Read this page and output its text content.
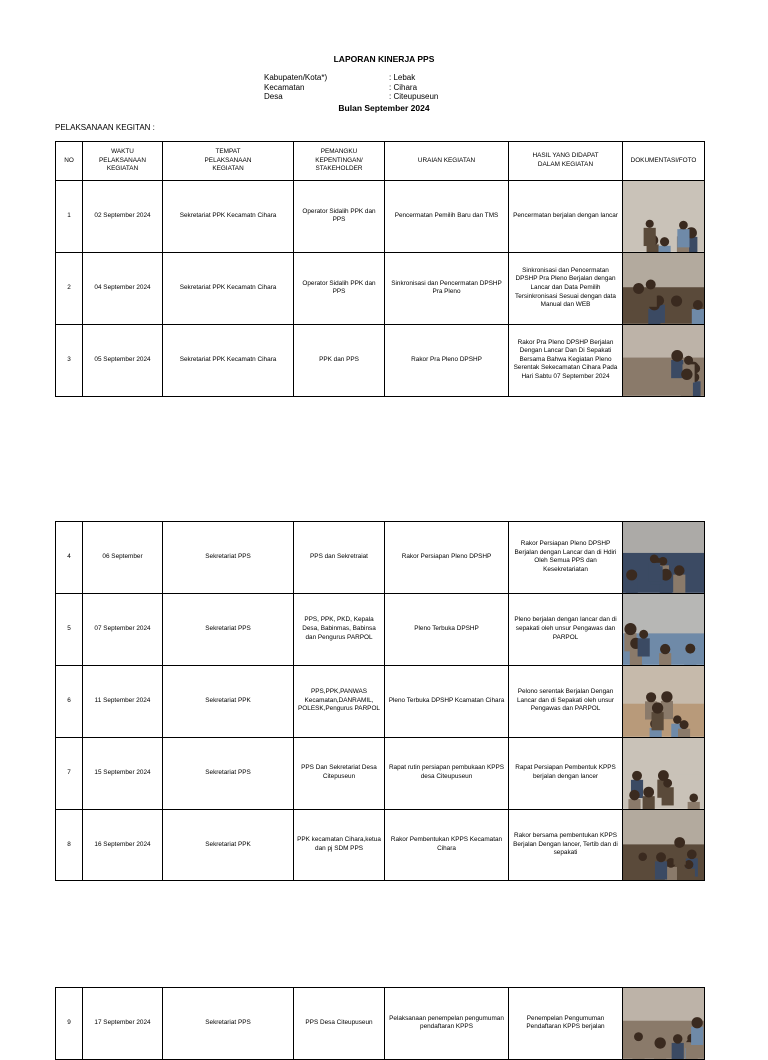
LAPORAN KINERJA PPS
Kabupaten/Kota*)	: Lebak
Kecamatan	: Cihara
Desa	: Citeupuseun
Bulan September 2024
PELAKSANAAN KEGITAN :
NO	WAKTU
PELAKSANAAN
KEGIATAN	TEMPAT
PELAKSANAAN
KEGIATAN	PEMANGKU
KEPENTINGAN/
STAKEHOLDER	URAIAN KEGIATAN	HASIL YANG DIDAPAT
DALAM KEGIATAN	DOKUMENTASI/FOTO
1	02 September 2024	Sekretariat PPK Kecamatn Cihara	Operator Sidalih PPK dan PPS	Pencermatan Pemilih Baru dan TMS	Pencermatan berjalan dengan lancar	

2	04 September 2024	Sekretariat PPK Kecamatn Cihara	Operator Sidalih PPK dan PPS	Sinkronisasi dan Pencermatan DPSHP Pra Pleno	Sinkronisasi dan Pencermatan DPSHP Pra Pleno Berjalan dengan Lancar dan Data Pemilih Tersinkronisasi Sesuai dengan data Manual dan WEB	

3	05 September 2024	Sekretariat PPK Kecamatn Cihara	PPK dan PPS	Rakor Pra Pleno DPSHP	Rakor Pra Pleno DPSHP Berjalan Dengan Lancar Dan Di Sepakati Bersama Bahwa Kegiatan Pleno Serentak Sekecamatan Cihara Pada Hari Sabtu 07 September 2024	
4	06 September	Sekretariat PPS	PPS dan Sekretraiat	Rakor Persiapan Pleno DPSHP	Rakor Persiapan Pleno DPSHP Berjalan dengan Lancar dan di Hdiri Oleh Semua PPS dan Kesekretariatan	

5	07 September 2024	Sekretariat PPS	PPS, PPK, PKD, Kepala Desa, Babinmas, Babinsa dan Pengurus PARPOL	Pleno Terbuka DPSHP	Pleno berjalan dengan lancar dan di sepakati oleh unsur Pengawas dan PARPOL	

6	11 September 2024	Sekretariat PPK	PPS,PPK,PANWAS Kecamatan,DANRAMIL, POLESK,Pengurus PARPOL	Pleno Terbuka DPSHP Kcamatan Cihara	Pelono serentak Berjalan Dengan Lancar dan di Sepakati oleh unsur Pengawas dan PARPOL	

7	15 September 2024	Sekretariat PPS	PPS Dan Sekretariat Desa Citepuseun	Rapat rutin persiapan pembukaan KPPS desa Citeupuseun	Rapat Persiapan Pembentuk KPPS berjalan dengan lancer	

8	16 September 2024	Sekretariat PPK	PPK kecamatan Cihara,ketua dan pj SDM PPS	Rakor Pembentukan KPPS Kecamatan Cihara	Rakor bersama pembentukan KPPS Berjalan Dengan lancer, Tertib dan di sepakati	
9	17 September 2024	Sekretariat PPS	PPS Desa Citeupuseun	Pelaksanaan penempelan pengumuman pendaftaran KPPS	Penempelan Pengumuman Pendaftaran KPPS berjalan	
